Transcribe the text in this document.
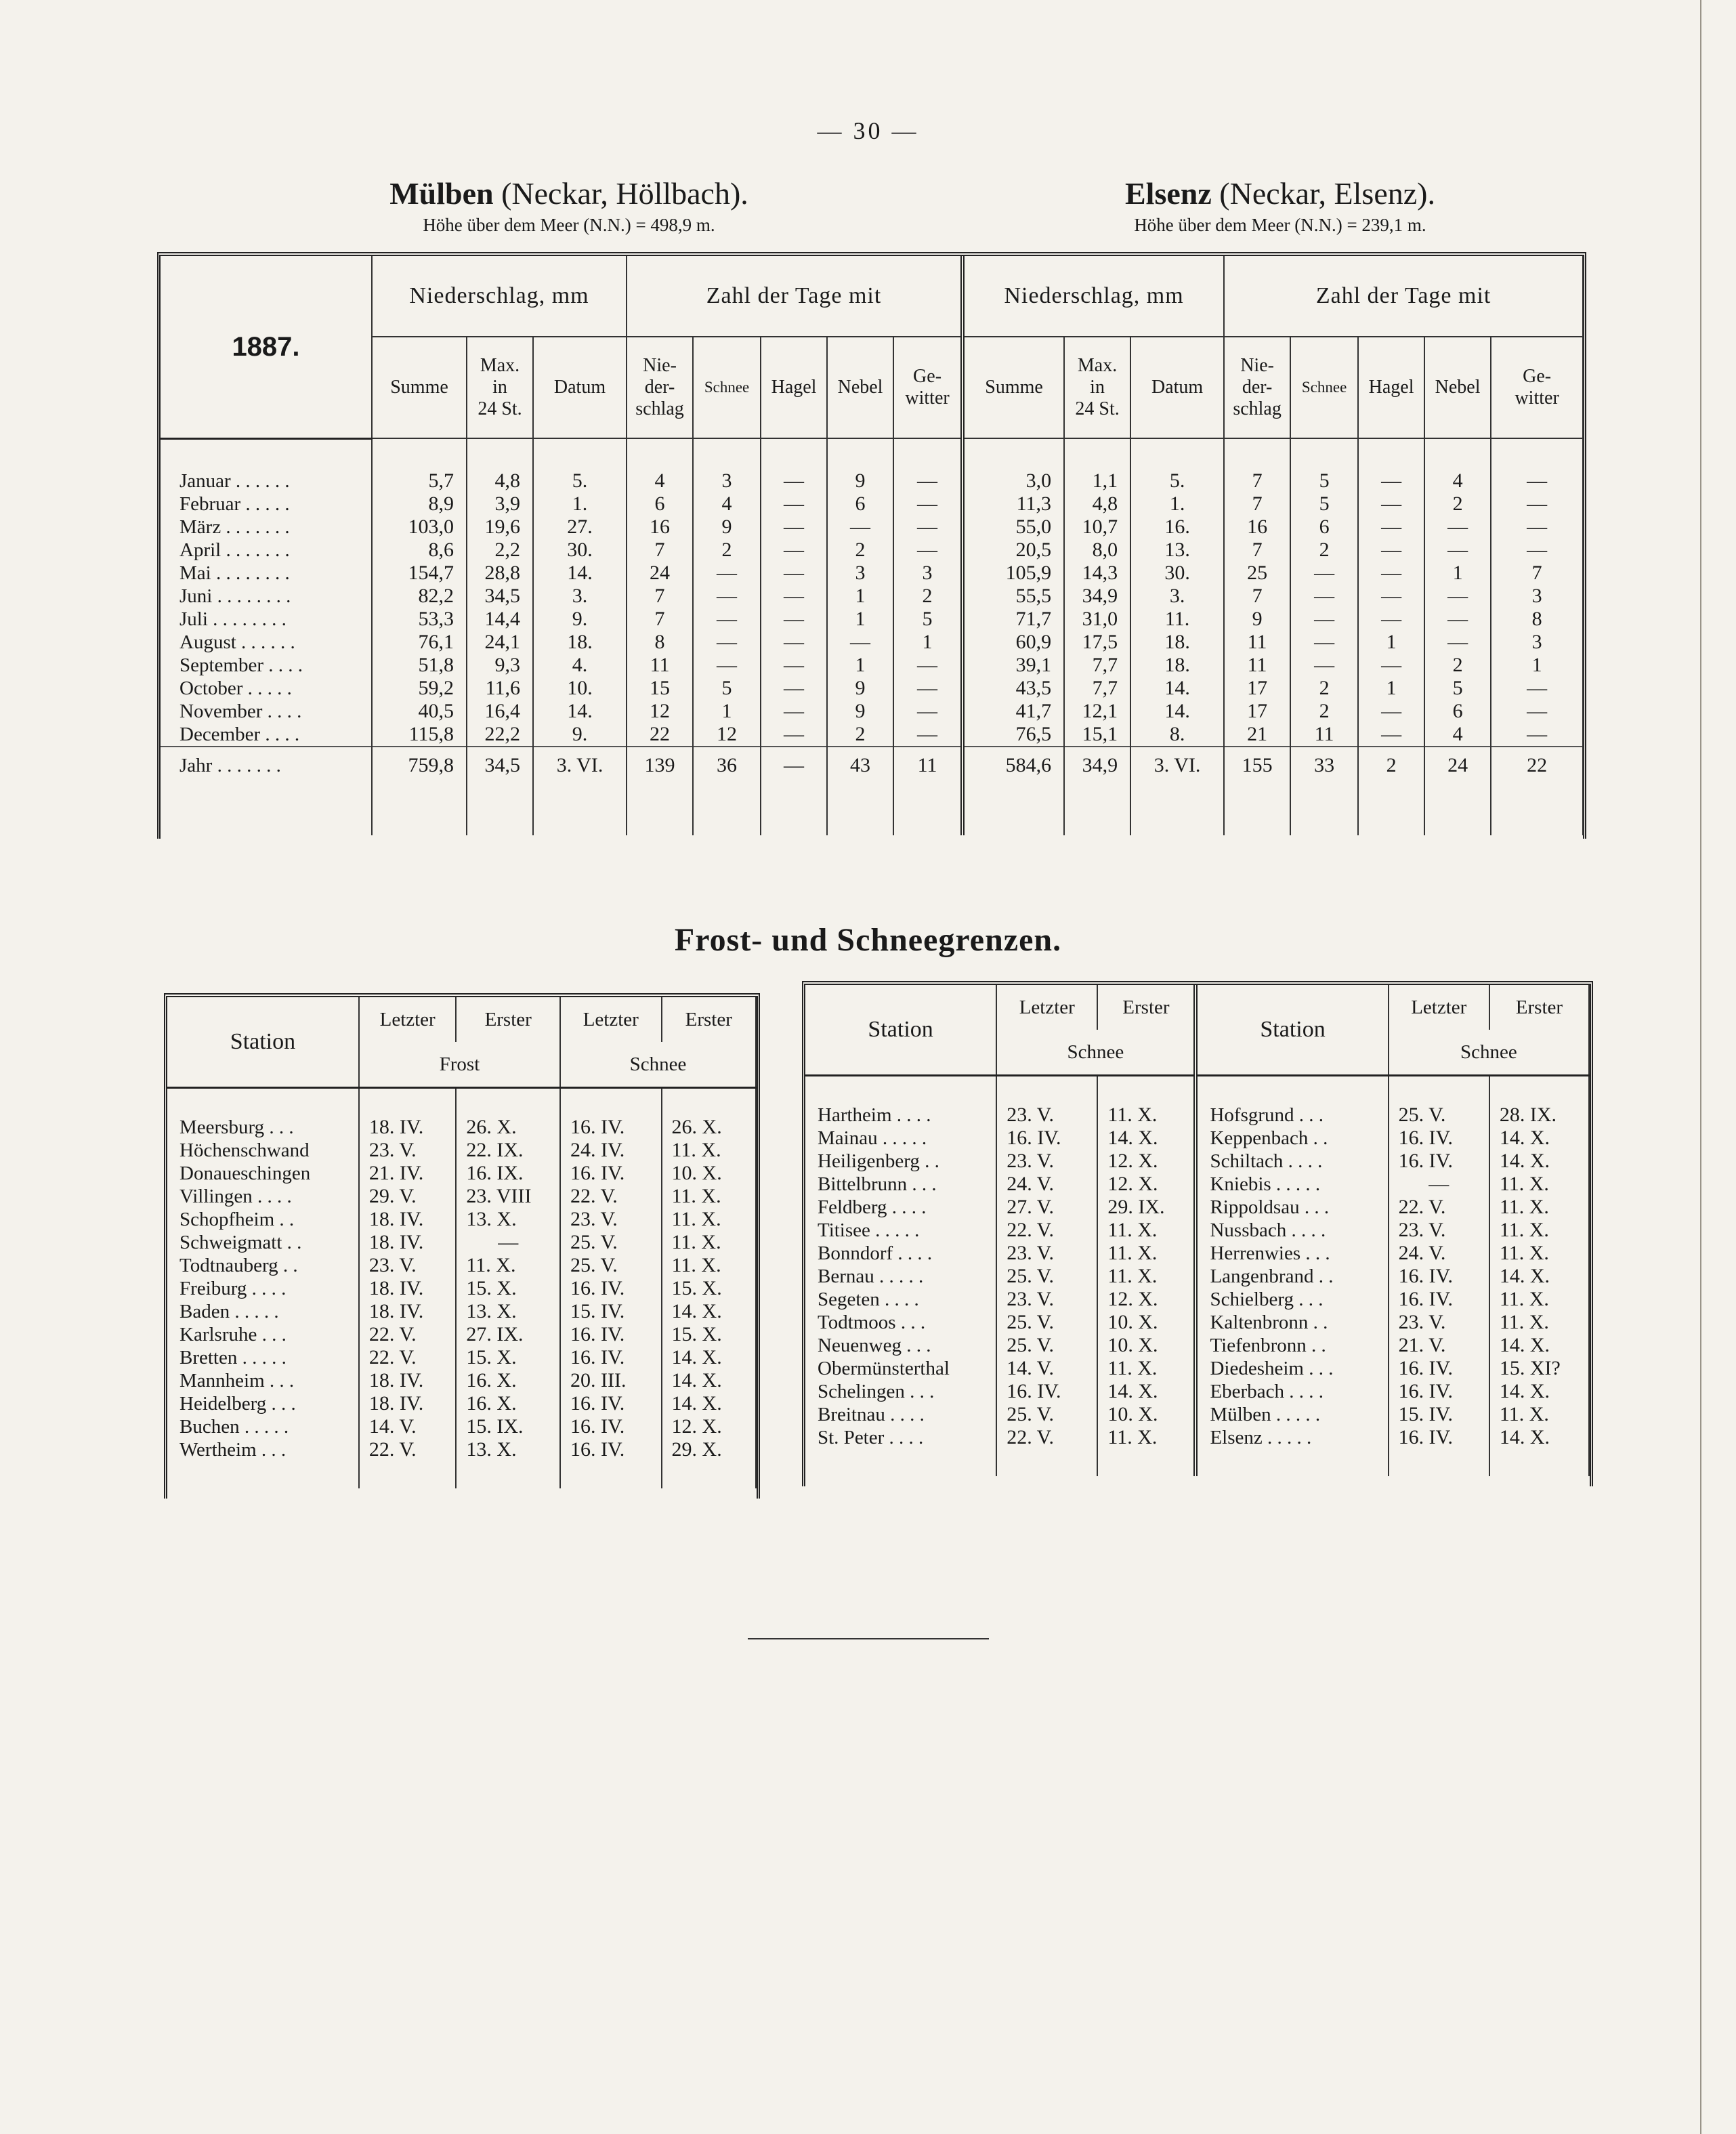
— 30 —
Mülben (Neckar, Höllbach).
Höhe über dem Meer (N.N.) = 498,9 m.
Elsenz (Neckar, Elsenz).
Höhe über dem Meer (N.N.) = 239,1 m.
1887.	Niederschlag, mm			Zahl der Tage mit					Niederschlag, mm			Zahl der Tage mit				
	Summe	Max.
in
24 St.	Datum	Nie-
der-
schlag	Schnee	Hagel	Nebel	Ge-
witter	Summe	Max.
in
24 St.	Datum	Nie-
der-
schlag	Schnee	Hagel	Nebel	Ge-
witter

Januar . . . . . .	5,7	4,8	5.	4	3	—	9	—	3,0	1,1	5.	7	5	—	4	—
Februar . . . . .	8,9	3,9	1.	6	4	—	6	—	11,3	4,8	1.	7	5	—	2	—
März . . . . . . .	103,0	19,6	27.	16	9	—	—	—	55,0	10,7	16.	16	6	—	—	—
April . . . . . . .	8,6	2,2	30.	7	2	—	2	—	20,5	8,0	13.	7	2	—	—	—
Mai . . . . . . . .	154,7	28,8	14.	24	—	—	3	3	105,9	14,3	30.	25	—	—	1	7
Juni . . . . . . . .	82,2	34,5	3.	7	—	—	1	2	55,5	34,9	3.	7	—	—	—	3
Juli . . . . . . . .	53,3	14,4	9.	7	—	—	1	5	71,7	31,0	11.	9	—	—	—	8
August . . . . . .	76,1	24,1	18.	8	—	—	—	1	60,9	17,5	18.	11	—	1	—	3
September . . . .	51,8	9,3	4.	11	—	—	1	—	39,1	7,7	18.	11	—	—	2	1
October . . . . .	59,2	11,6	10.	15	5	—	9	—	43,5	7,7	14.	17	2	1	5	—
November . . . .	40,5	16,4	14.	12	1	—	9	—	41,7	12,1	14.	17	2	—	6	—
December . . . .	115,8	22,2	9.	22	12	—	2	—	76,5	15,1	8.	21	11	—	4	—
Jahr . . . . . . .	759,8	34,5	3. VI.	139	36	—	43	11	584,6	34,9	3. VI.	155	33	2	24	22

Frost- und Schneegrenzen.
Station	Letzter	Erster	Letzter	Erster
	Frost		Schnee	

Meersburg . . .	18. IV.	26. X.	16. IV.	26. X.
Höchenschwand	23. V.	22. IX.	24. IV.	11. X.
Donaueschingen	21. IV.	16. IX.	16. IV.	10. X.
Villingen . . . .	29. V.	23. VIII	22. V.	11. X.
Schopfheim . .	18. IV.	13. X.	23. V.	11. X.
Schweigmatt . .	18. IV.	—	25. V.	11. X.
Todtnauberg . .	23. V.	11. X.	25. V.	11. X.
Freiburg . . . .	18. IV.	15. X.	16. IV.	15. X.
Baden . . . . .	18. IV.	13. X.	15. IV.	14. X.
Karlsruhe . . .	22. V.	27. IX.	16. IV.	15. X.
Bretten . . . . .	22. V.	15. X.	16. IV.	14. X.
Mannheim . . .	18. IV.	16. X.	20. III.	14. X.
Heidelberg . . .	18. IV.	16. X.	16. IV.	14. X.
Buchen . . . . .	14. V.	15. IX.	16. IV.	12. X.
Wertheim . . .	22. V.	13. X.	16. IV.	29. X.

Station	Letzter	Erster	Station	Letzter	Erster
	Schnee			Schnee	

Hartheim . . . .	23. V.	11. X.	Hofsgrund . . .	25. V.	28. IX.
Mainau . . . . .	16. IV.	14. X.	Keppenbach . .	16. IV.	14. X.
Heiligenberg . .	23. V.	12. X.	Schiltach . . . .	16. IV.	14. X.
Bittelbrunn . . .	24. V.	12. X.	Kniebis . . . . .	—	11. X.
Feldberg . . . .	27. V.	29. IX.	Rippoldsau . . .	22. V.	11. X.
Titisee . . . . .	22. V.	11. X.	Nussbach . . . .	23. V.	11. X.
Bonndorf . . . .	23. V.	11. X.	Herrenwies . . .	24. V.	11. X.
Bernau . . . . .	25. V.	11. X.	Langenbrand . .	16. IV.	14. X.
Segeten . . . .	23. V.	12. X.	Schielberg . . .	16. IV.	11. X.
Todtmoos . . .	25. V.	10. X.	Kaltenbronn . .	23. V.	11. X.
Neuenweg . . .	25. V.	10. X.	Tiefenbronn . .	21. V.	14. X.
Obermünsterthal	14. V.	11. X.	Diedesheim . . .	16. IV.	15. XI?
Schelingen . . .	16. IV.	14. X.	Eberbach . . . .	16. IV.	14. X.
Breitnau . . . .	25. V.	10. X.	Mülben . . . . .	15. IV.	11. X.
St. Peter . . . .	22. V.	11. X.	Elsenz . . . . .	16. IV.	14. X.
